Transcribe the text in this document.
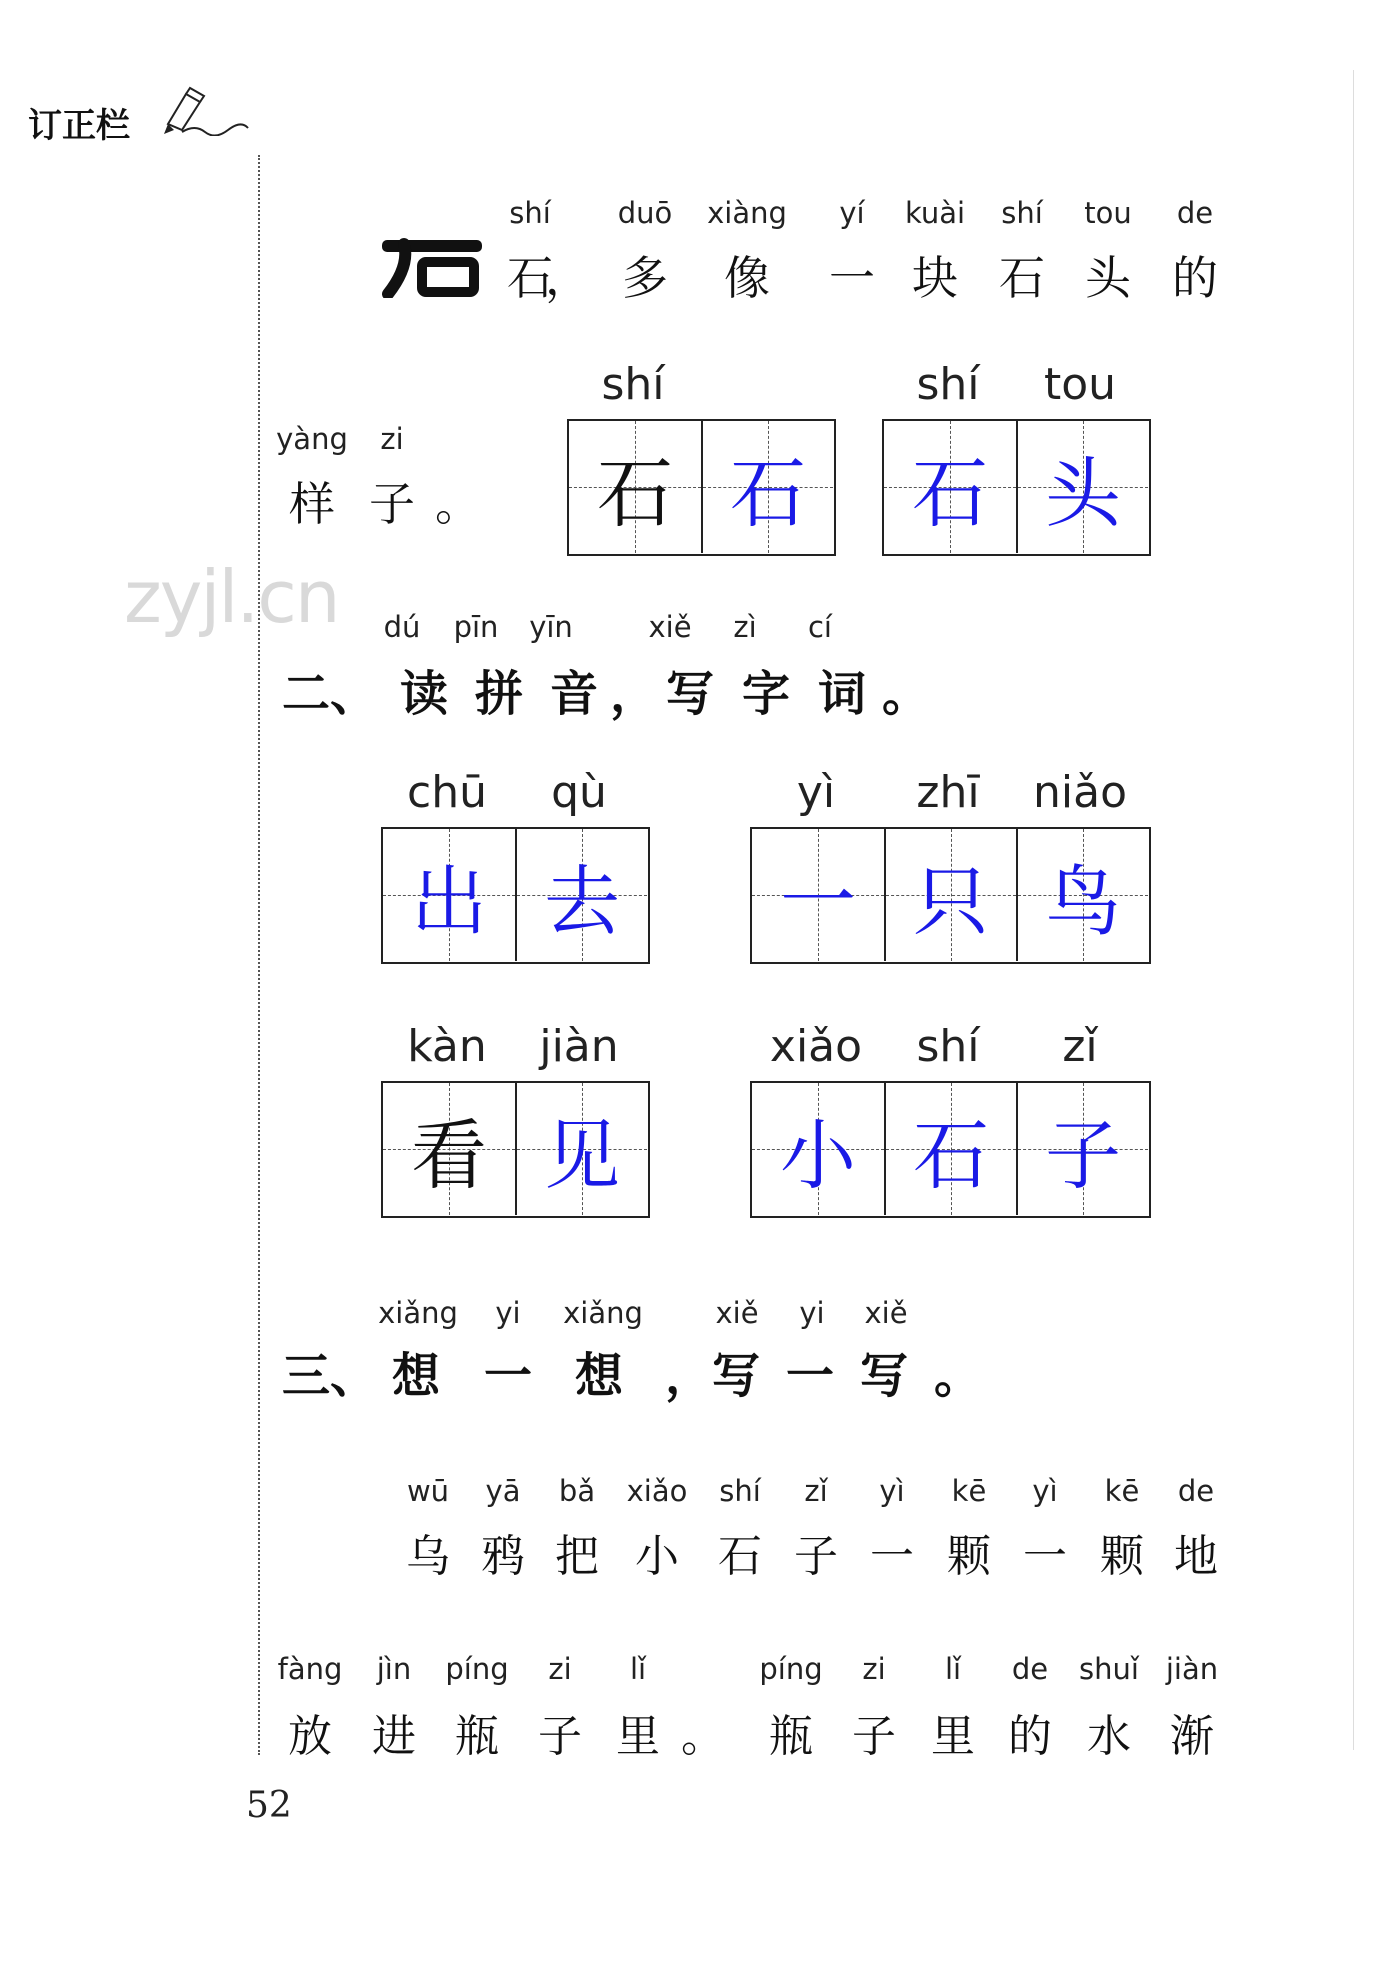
订正栏
zyjl.cn
shí
石
，
duō
多
xiàng
像
yí
一
kuài
块
shí
石
tou
头
de
的
yàng
样
zi
子 。	石 石
shí
石 头
shí	tou
二、 读 拼 音 ， 写 字 词 。
dú pīn yīn	xiě zì cí
出 去
chū	qù
一 只 鸟
yì	zhī	niǎo
看 见
kàn	jiàn
小 石 子
xiǎo	shí	zǐ
三、 想 一 想 ，
写 一 写 。
xiǎng yi xiǎng	xiě yi xiě
wū
乌
yā
鸦
bǎ
把
xiǎo
小
shí
石
zǐ
子
yì
一
kē
颗
yì
一
kē
颗
de
地
fàng
放
jìn
进
píng
瓶
zi
子
lǐ
里 。
píng
瓶
zi
子
lǐ
里
de
的
shuǐ
水
jiàn
渐
52
